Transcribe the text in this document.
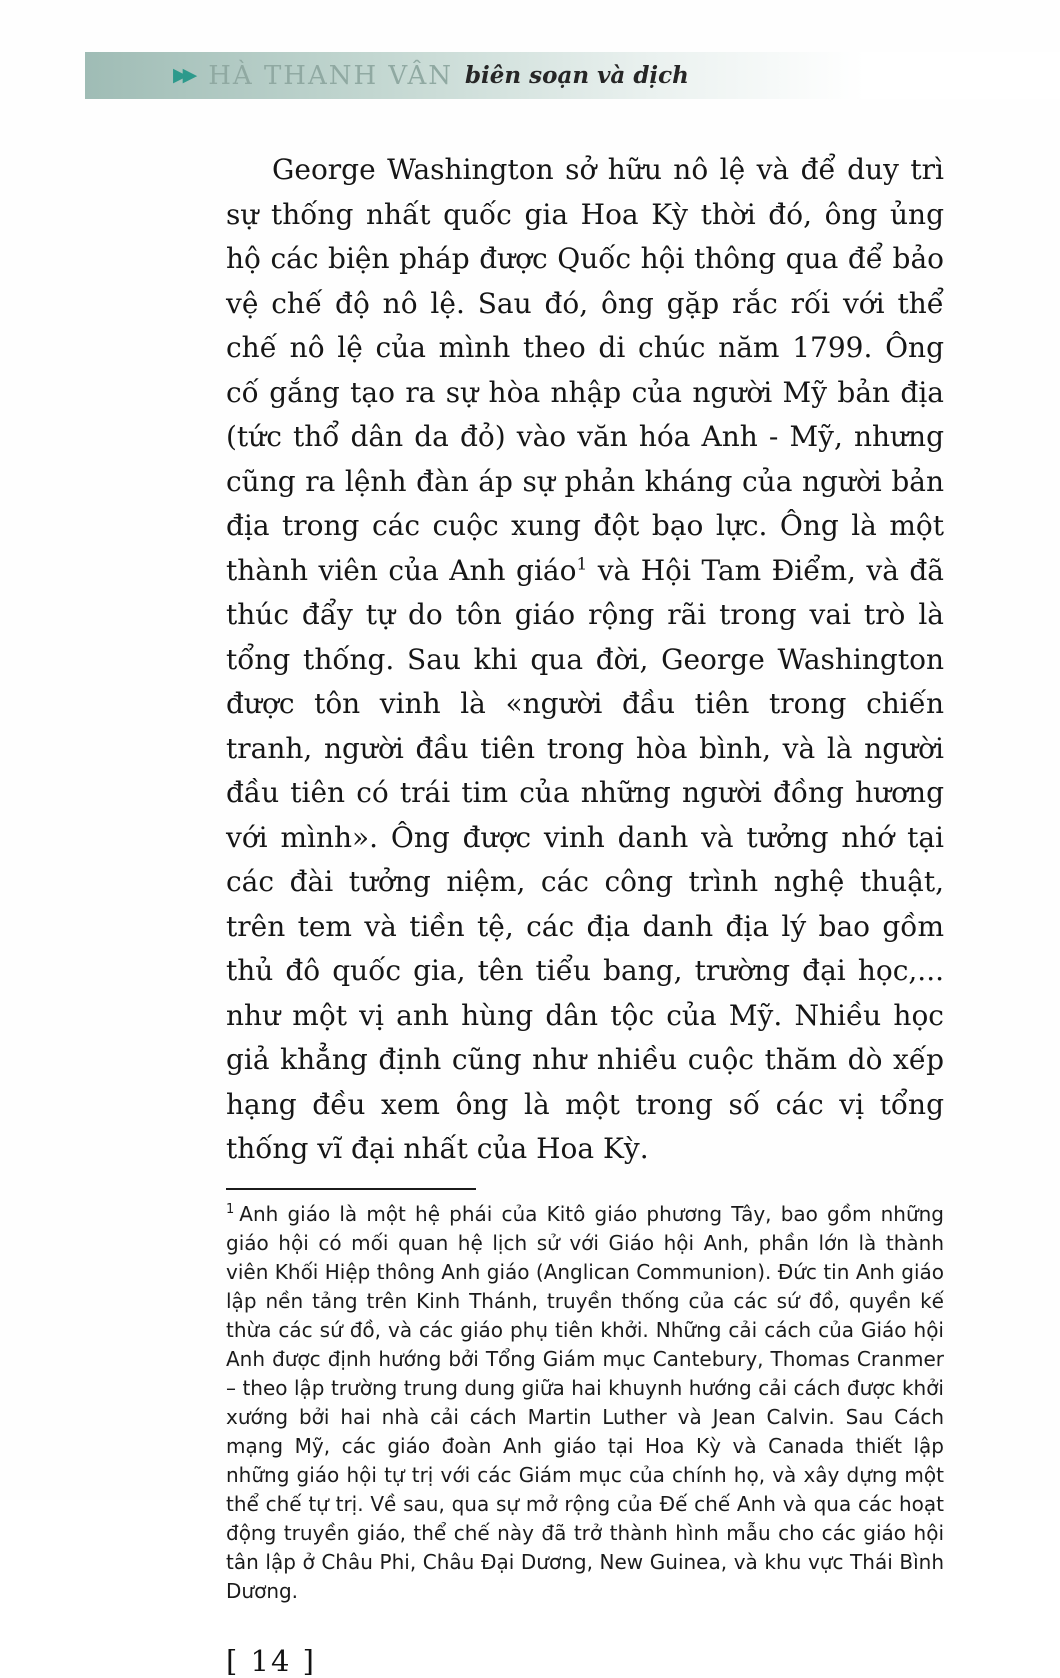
▶▶ HÀ THANH VÂN biên soạn và dịch

George Washington sở hữu nô lệ và để duy trì sự thống nhất quốc gia Hoa Kỳ thời đó, ông ủng hộ các biện pháp được Quốc hội thông qua để bảo vệ chế độ nô lệ. Sau đó, ông gặp rắc rối với thể chế nô lệ của mình theo di chúc năm 1799. Ông cố gắng tạo ra sự hòa nhập của người Mỹ bản địa (tức thổ dân da đỏ) vào văn hóa Anh - Mỹ, nhưng cũng ra lệnh đàn áp sự phản kháng của người bản địa trong các cuộc xung đột bạo lực. Ông là một thành viên của Anh giáo$^1$ và Hội Tam Điểm, và đã thúc đẩy tự do tôn giáo rộng rãi trong vai trò là tổng thống. Sau khi qua đời, George Washington được tôn vinh là «người đầu tiên trong chiến tranh, người đầu tiên trong hòa bình, và là người đầu tiên có trái tim của những người đồng hương với mình». Ông được vinh danh và tưởng nhớ tại các đài tưởng niệm, các công trình nghệ thuật, trên tem và tiền tệ, các địa danh địa lý bao gồm thủ đô quốc gia, tên tiểu bang, trường đại học,... như một vị anh hùng dân tộc của Mỹ. Nhiều học giả khẳng định cũng như nhiều cuộc thăm dò xếp hạng đều xem ông là một trong số các vị tổng thống vĩ đại nhất của Hoa Kỳ.

$^1$ Anh giáo là một hệ phái của Kitô giáo phương Tây, bao gồm những giáo hội có mối quan hệ lịch sử với Giáo hội Anh, phần lớn là thành viên Khối Hiệp thông Anh giáo (Anglican Communion). Đức tin Anh giáo lập nền tảng trên Kinh Thánh, truyền thống của các sứ đồ, quyền kế thừa các sứ đồ, và các giáo phụ tiên khởi. Những cải cách của Giáo hội Anh được định hướng bởi Tổng Giám mục Cantebury, Thomas Cranmer – theo lập trường trung dung giữa hai khuynh hướng cải cách được khởi xướng bởi hai nhà cải cách Martin Luther và Jean Calvin. Sau Cách mạng Mỹ, các giáo đoàn Anh giáo tại Hoa Kỳ và Canada thiết lập những giáo hội tự trị với các Giám mục của chính họ, và xây dựng một thể chế tự trị. Về sau, qua sự mở rộng của Đế chế Anh và qua các hoạt động truyền giáo, thể chế này đã trở thành hình mẫu cho các giáo hội tân lập ở Châu Phi, Châu Đại Dương, New Guinea, và khu vực Thái Bình Dương.

[ 14 ]
